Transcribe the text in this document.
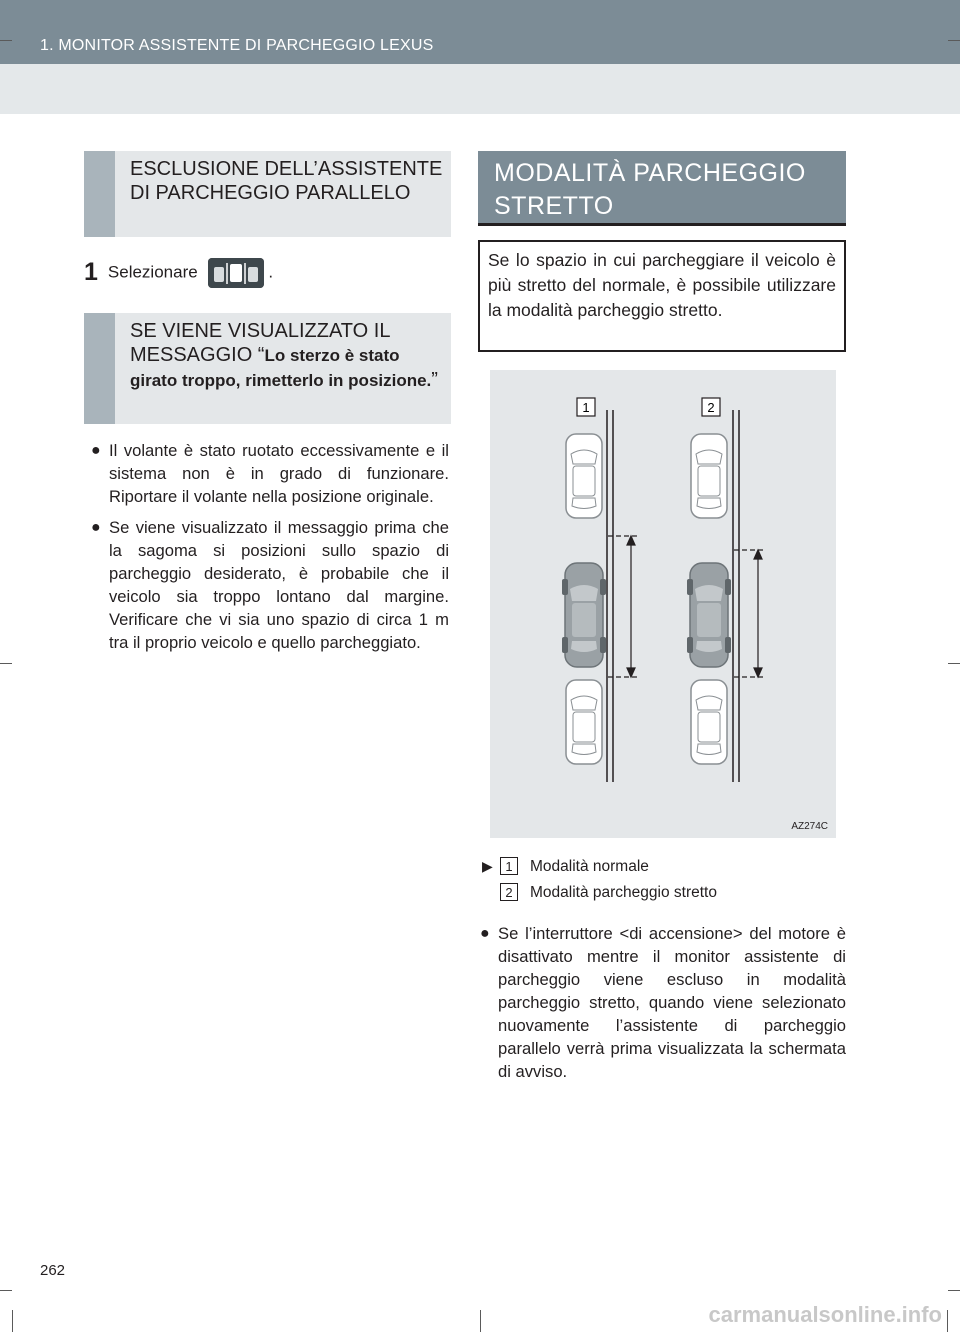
1. MONITOR ASSISTENTE DI PARCHEGGIO LEXUS
ESCLUSIONE DELL’ASSISTENTE DI PARCHEGGIO PARALLELO
1 Selezionare	.
SE VIENE VISUALIZZATO IL MESSAGGIO “Lo sterzo è stato girato troppo, rimetterlo in posizione.”
● Il volante è stato ruotato eccessivamente e il sistema non è in grado di funzionare. Riportare il volante nella posizione originale.
● Se viene visualizzato il messaggio prima che la sagoma si posizioni sullo spazio di parcheggio desiderato, è probabile che il veicolo sia troppo lontano dal margine. Verificare che vi sia uno spazio di circa 1 m tra il proprio veicolo e quello parcheggiato.
MODALITÀ PARCHEGGIO STRETTO
Se lo spazio in cui parcheggiare il veicolo è più stretto del normale, è possibile utilizzare la modalità parcheggio stretto.
1	2
AZ274C
▶ 1	Modalità normale
2	Modalità parcheggio stretto
● Se l’interruttore <di accensione> del motore è disattivato mentre il monitor assistente di parcheggio viene escluso in modalità parcheggio stretto, quando viene selezionato nuovamente l’assistente di parcheggio parallelo verrà prima visualizzata la schermata di avviso.
262
carmanualsonline.info
